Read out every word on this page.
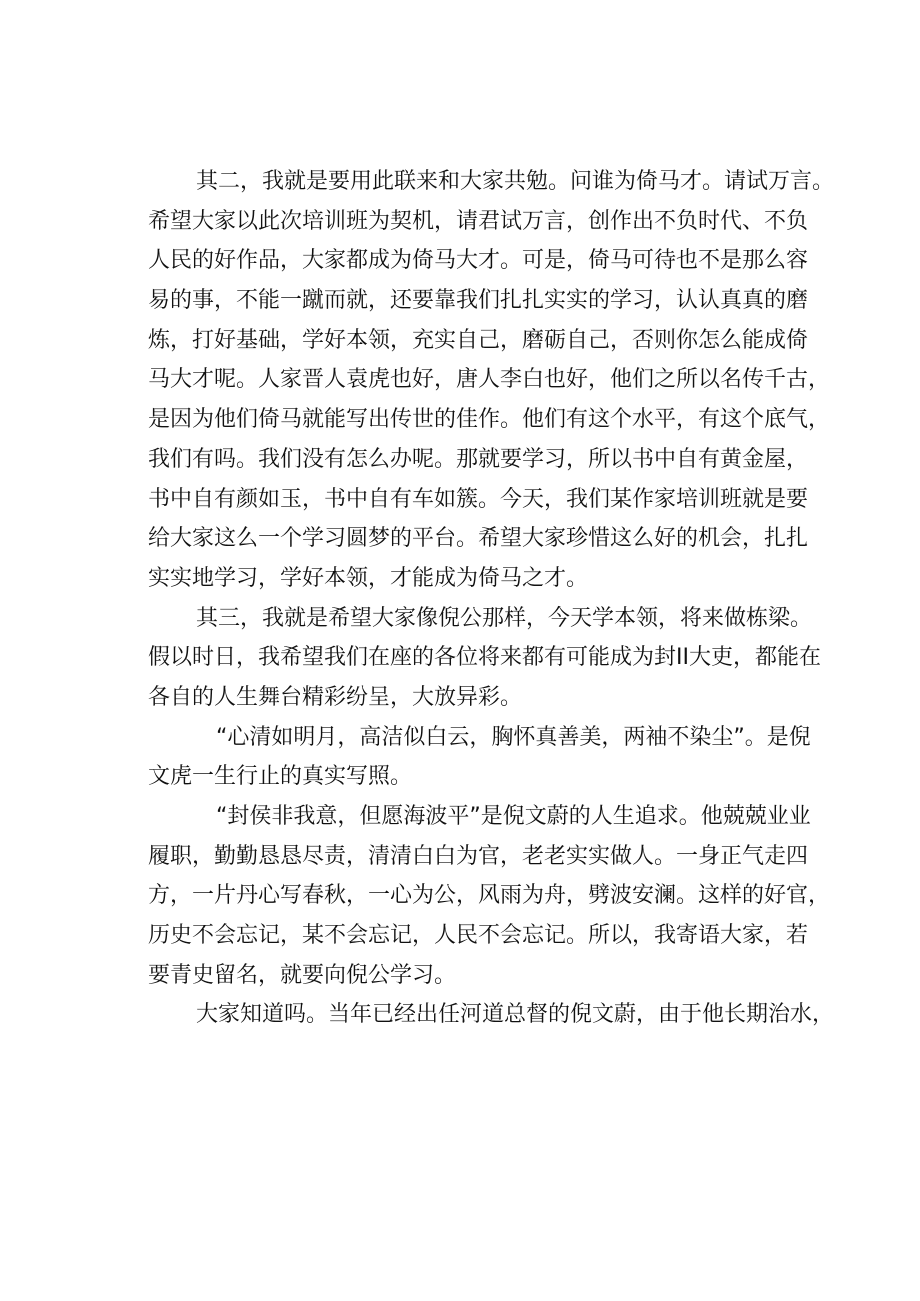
其二，我就是要用此联来和大家共勉。问谁为倚马才。请试万言。
希望大家以此次培训班为契机，请君试万言，创作出不负时代、不负
人民的好作品，大家都成为倚马大才。可是，倚马可待也不是那么容
易的事，不能一蹴而就，还要靠我们扎扎实实的学习，认认真真的磨
炼，打好基础，学好本领，充实自己，磨砺自己，否则你怎么能成倚
马大才呢。人家晋人袁虎也好，唐人李白也好，他们之所以名传千古，
是因为他们倚马就能写出传世的佳作。他们有这个水平，有这个底气，
我们有吗。我们没有怎么办呢。那就要学习，所以书中自有黄金屋，
书中自有颜如玉，书中自有车如簇。今天，我们某作家培训班就是要
给大家这么一个学习圆梦的平台。希望大家珍惜这么好的机会，扎扎
实实地学习，学好本领，才能成为倚马之才。
其三，我就是希望大家像倪公那样，今天学本领，将来做栋梁。
假以时日，我希望我们在座的各位将来都有可能成为封II大吏，都能在
各自的人生舞台精彩纷呈，大放异彩。
“心清如明月，高洁似白云，胸怀真善美，两袖不染尘”。是倪
文虎一生行止的真实写照。
“封侯非我意，但愿海波平”是倪文蔚的人生追求。他兢兢业业
履职，勤勤恳恳尽责，清清白白为官，老老实实做人。一身正气走四
方，一片丹心写春秋，一心为公，风雨为舟，劈波安澜。这样的好官，
历史不会忘记，某不会忘记，人民不会忘记。所以，我寄语大家，若
要青史留名，就要向倪公学习。
大家知道吗。当年已经出任河道总督的倪文蔚，由于他长期治水，
